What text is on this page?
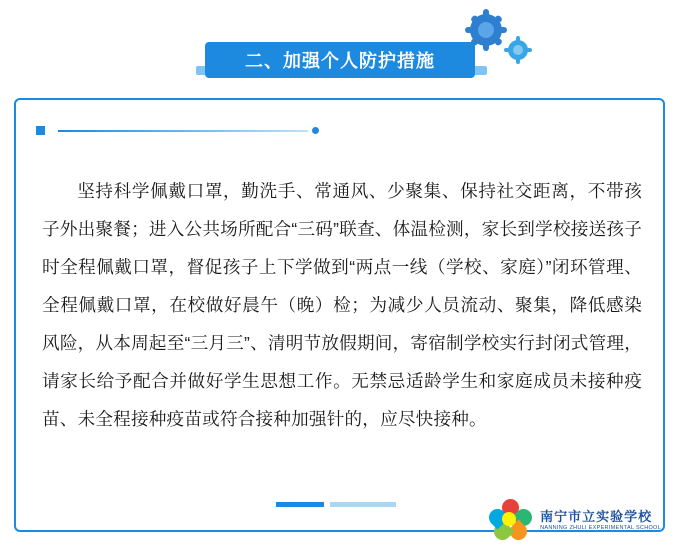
二、加强个人防护措施

坚持科学佩戴口罩，勤洗手、常通风、少聚集、保持社交距离，不带孩子外出聚餐；进入公共场所配合“三码”联查、体温检测，家长到学校接送孩子时全程佩戴口罩，督促孩子上下学做到“两点一线（学校、家庭）”闭环管理、全程佩戴口罩，在校做好晨午（晚）检；为减少人员流动、聚集，降低感染风险，从本周起至“三月三”、清明节放假期间，寄宿制学校实行封闭式管理，请家长给予配合并做好学生思想工作。无禁忌适龄学生和家庭成员未接种疫苗、未全程接种疫苗或符合接种加强针的，应尽快接种。

南宁市立实验学校
NANNING ZHULI EXPERIMENTAL SCHOOL
